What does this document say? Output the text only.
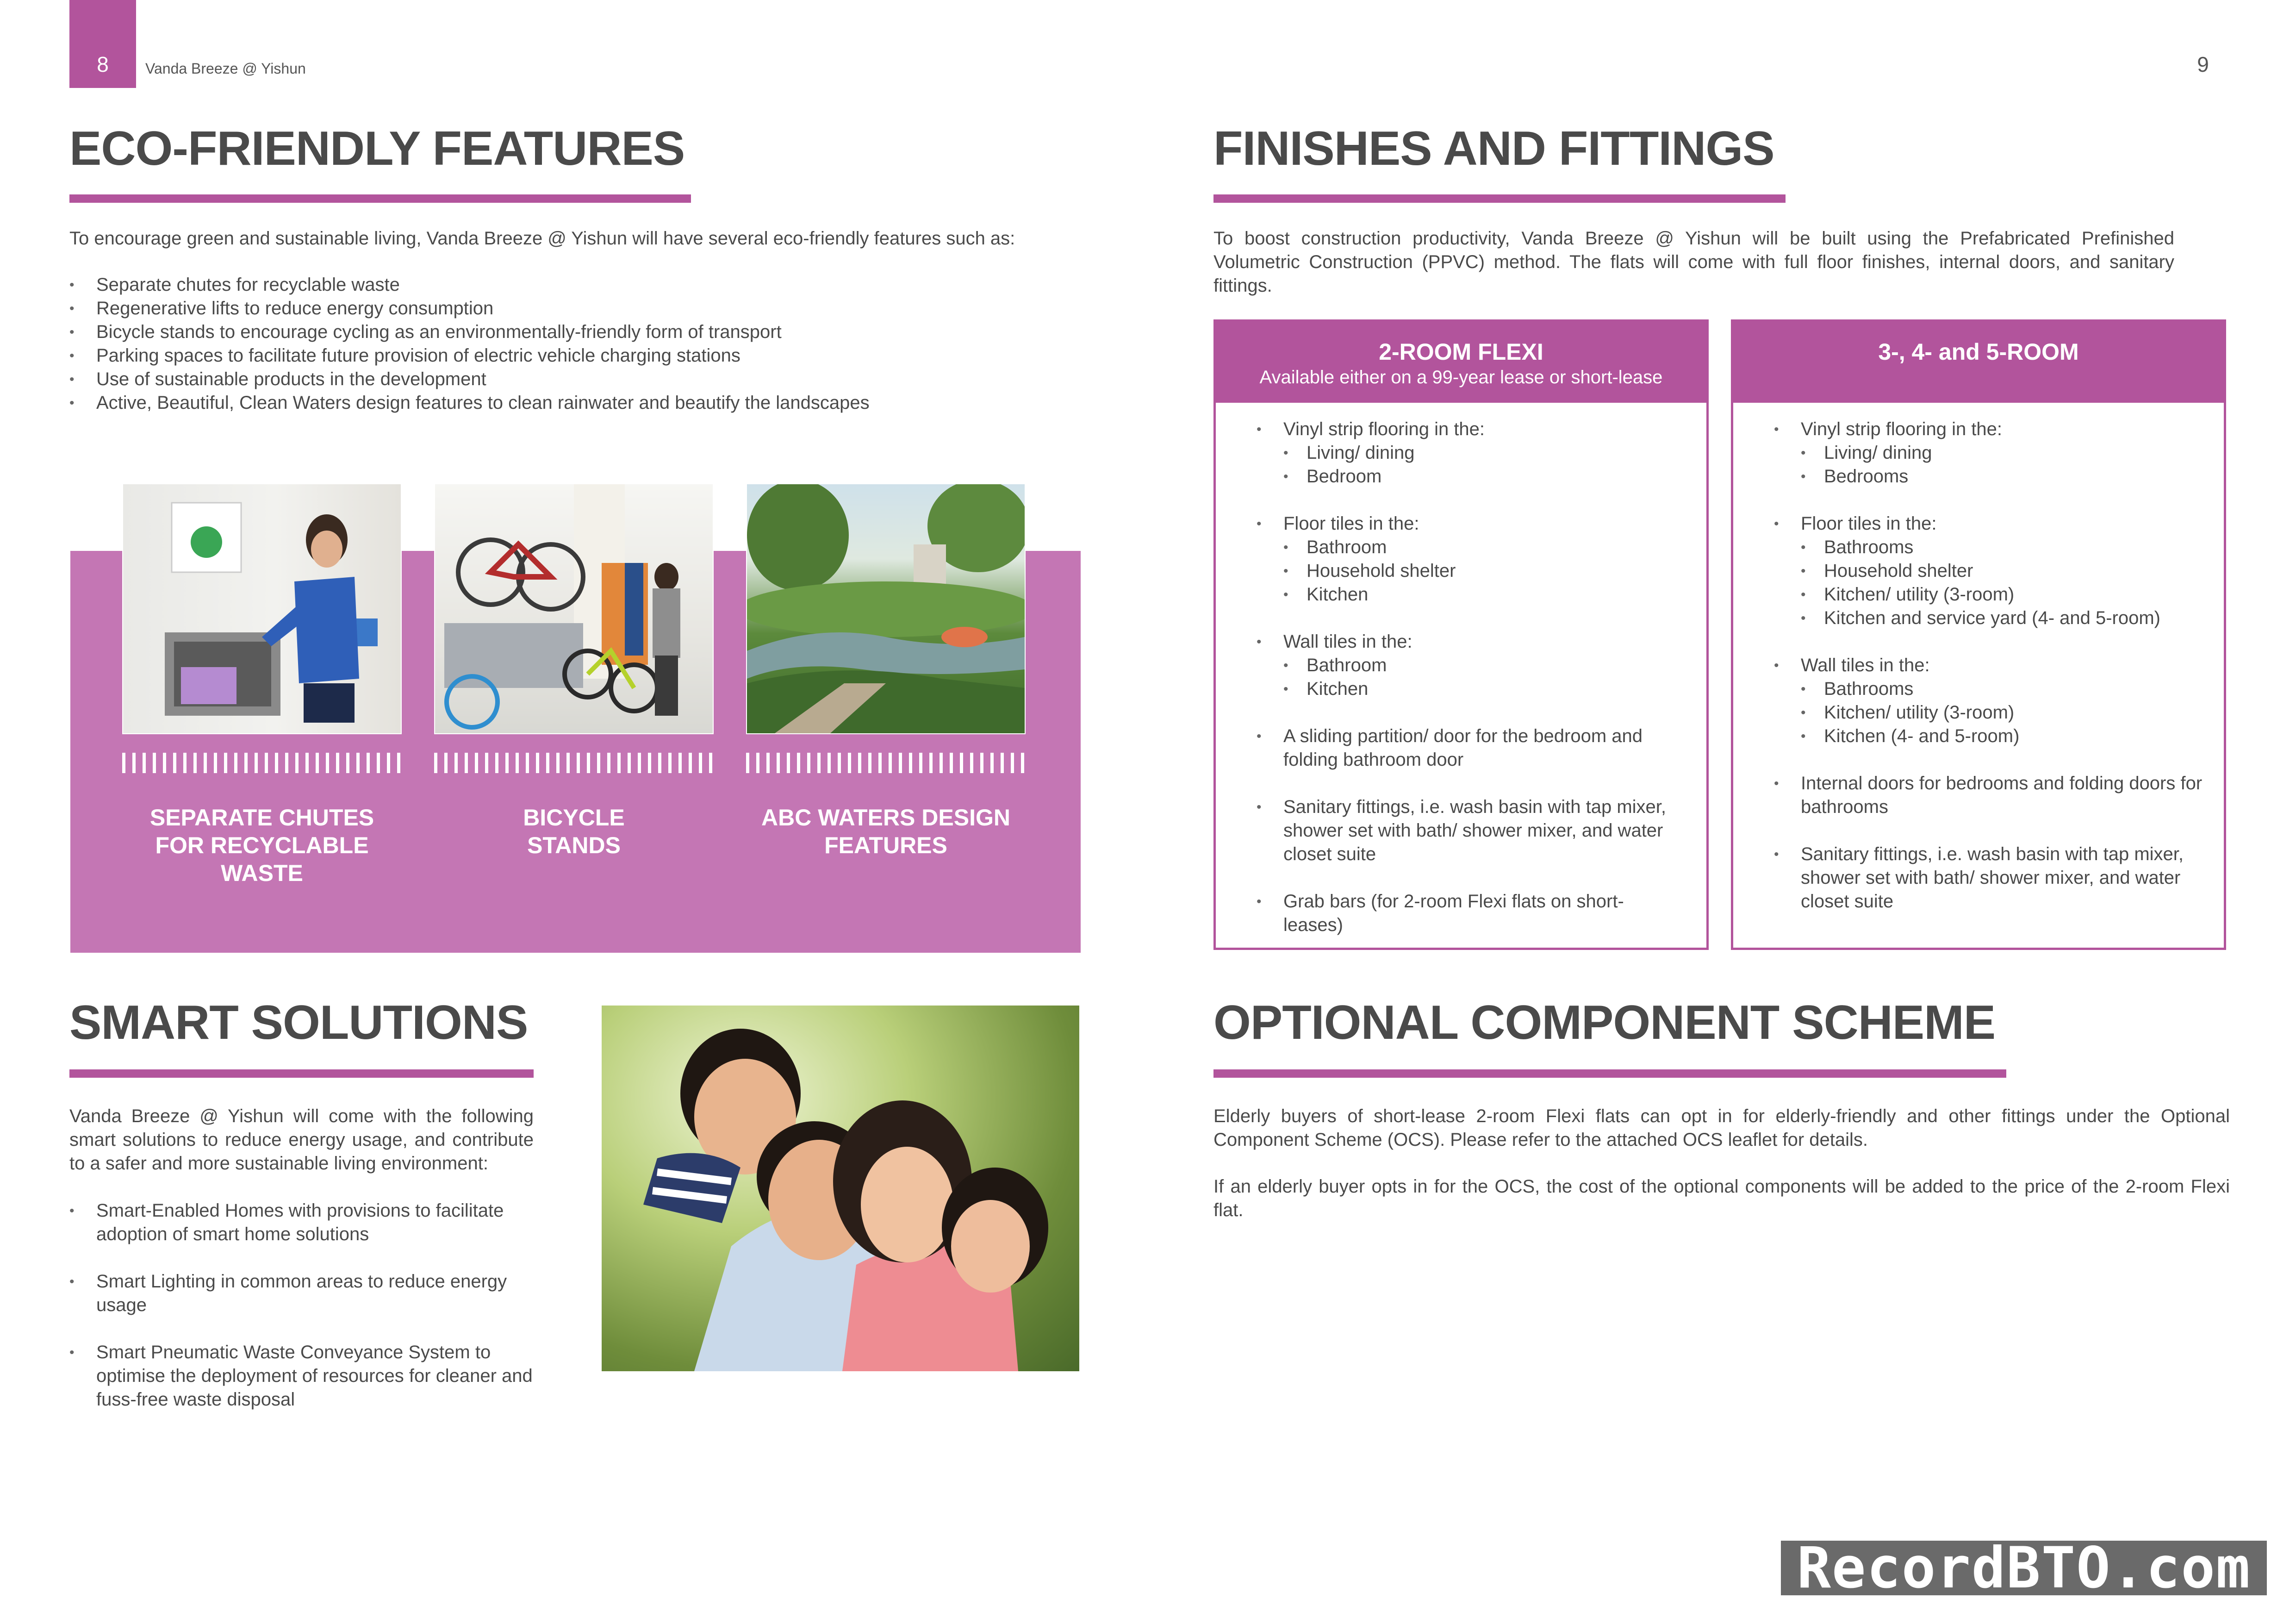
8	Vanda Breeze @ Yishun	9
ECO-FRIENDLY FEATURES
To encourage green and sustainable living, Vanda Breeze @ Yishun will have several eco-friendly features such as:
• Separate chutes for recyclable waste
• Regenerative lifts to reduce energy consumption
• Bicycle stands to encourage cycling as an environmentally-friendly form of transport
• Parking spaces to facilitate future provision of electric vehicle charging stations
• Use of sustainable products in the development
• Active, Beautiful, Clean Waters design features to clean rainwater and beautify the landscapes
SEPARATE CHUTES FOR RECYCLABLE WASTE
BICYCLE STANDS
ABC WATERS DESIGN FEATURES
SMART SOLUTIONS
Vanda Breeze @ Yishun will come with the following smart solutions to reduce energy usage, and contribute to a safer and more sustainable living environment:
• Smart-Enabled Homes with provisions to facilitate adoption of smart home solutions
• Smart Lighting in common areas to reduce energy usage
• Smart Pneumatic Waste Conveyance System to optimise the deployment of resources for cleaner and fuss-free waste disposal
FINISHES AND FITTINGS
To boost construction productivity, Vanda Breeze @ Yishun will be built using the Prefabricated Prefinished Volumetric Construction (PPVC) method. The flats will come with full floor finishes, internal doors, and sanitary fittings.
2-ROOM FLEXI
Available either on a 99-year lease or short-lease
• Vinyl strip flooring in the:
• Living/ dining
• Bedroom
• Floor tiles in the:
• Bathroom
• Household shelter
• Kitchen
• Wall tiles in the:
• Bathroom
• Kitchen
• A sliding partition/ door for the bedroom and folding bathroom door
• Sanitary fittings, i.e. wash basin with tap mixer, shower set with bath/ shower mixer, and water closet suite
• Grab bars (for 2-room Flexi flats on short-leases)
3-, 4- and 5-ROOM
• Vinyl strip flooring in the:
• Living/ dining
• Bedrooms
• Floor tiles in the:
• Bathrooms
• Household shelter
• Kitchen/ utility (3-room)
• Kitchen and service yard (4- and 5-room)
• Wall tiles in the:
• Bathrooms
• Kitchen/ utility (3-room)
• Kitchen (4- and 5-room)
• Internal doors for bedrooms and folding doors for bathrooms
• Sanitary fittings, i.e. wash basin with tap mixer, shower set with bath/ shower mixer, and water closet suite
OPTIONAL COMPONENT SCHEME
Elderly buyers of short-lease 2-room Flexi flats can opt in for elderly-friendly and other fittings under the Optional Component Scheme (OCS). Please refer to the attached OCS leaflet for details.
If an elderly buyer opts in for the OCS, the cost of the optional components will be added to the price of the 2-room Flexi flat.
RecordBTO.com
